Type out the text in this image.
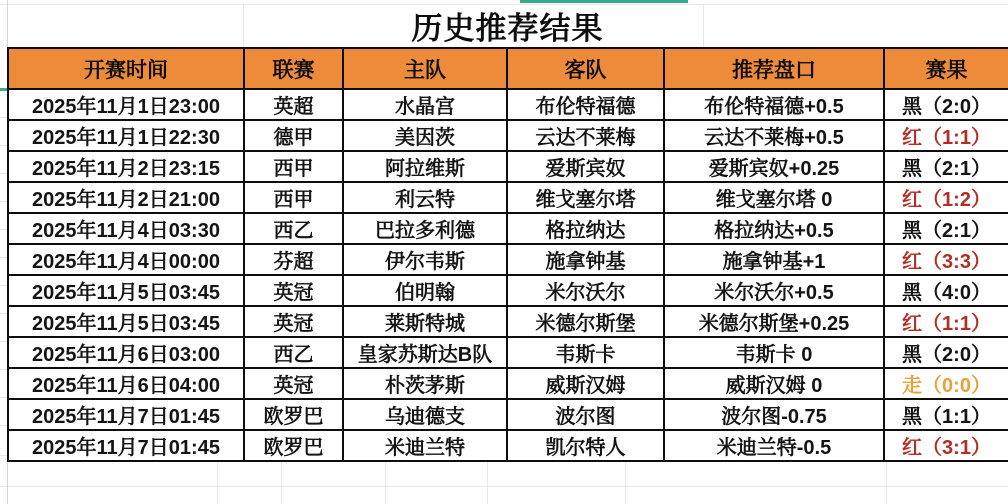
历史推荐结果
开赛时间	联赛	主队	客队	推荐盘口	赛果
2025年11月1日23:00	英超	水晶宫	布伦特福德	布伦特福德+0.5	黑（2:0）
2025年11月1日22:30	德甲	美因茨	云达不莱梅	云达不莱梅+0.5	红（1:1）
2025年11月2日23:15	西甲	阿拉维斯	爱斯宾奴	爱斯宾奴+0.25	黑（2:1）
2025年11月2日21:00	西甲	利云特	维戈塞尔塔	维戈塞尔塔 0	红（1:2）
2025年11月4日03:30	西乙	巴拉多利德	格拉纳达	格拉纳达+0.5	黑（2:1）
2025年11月4日00:00	芬超	伊尔韦斯	施拿钟基	施拿钟基+1	红（3:3）
2025年11月5日03:45	英冠	伯明翰	米尔沃尔	米尔沃尔+0.5	黑（4:0）
2025年11月5日03:45	英冠	莱斯特城	米德尔斯堡	米德尔斯堡+0.25	红（1:1）
2025年11月6日03:00	西乙	皇家苏斯达B队	韦斯卡	韦斯卡 0	黑（2:0）
2025年11月6日04:00	英冠	朴茨茅斯	威斯汉姆	威斯汉姆 0	走（0:0）
2025年11月7日01:45	欧罗巴	乌迪德支	波尔图	波尔图-0.75	黑（1:1）
2025年11月7日01:45	欧罗巴	米迪兰特	凯尔特人	米迪兰特-0.5	红（3:1）
